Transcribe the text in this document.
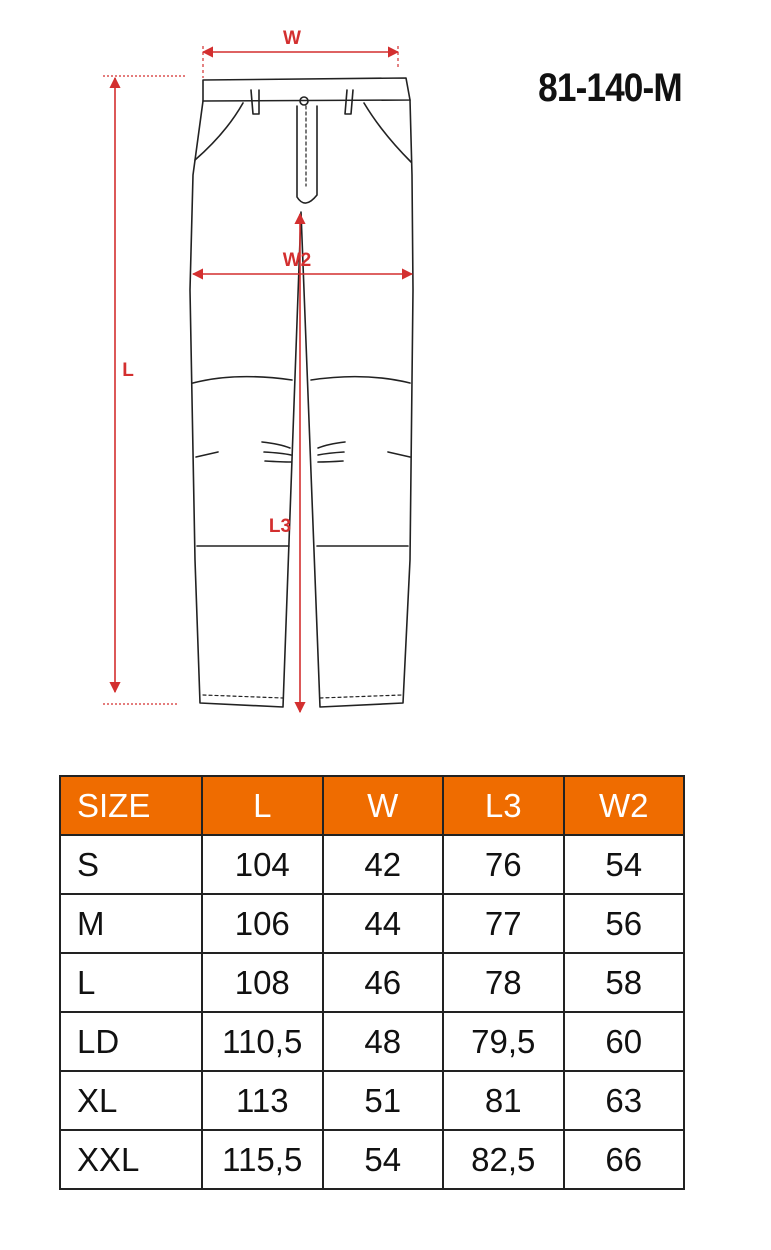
W
W2
L
L3
81-140-M
SIZE	L	W	L3	W2
S	104	42	76	54
M	106	44	77	56
L	108	46	78	58
LD	110,5	48	79,5	60
XL	113	51	81	63
XXL	115,5	54	82,5	66
